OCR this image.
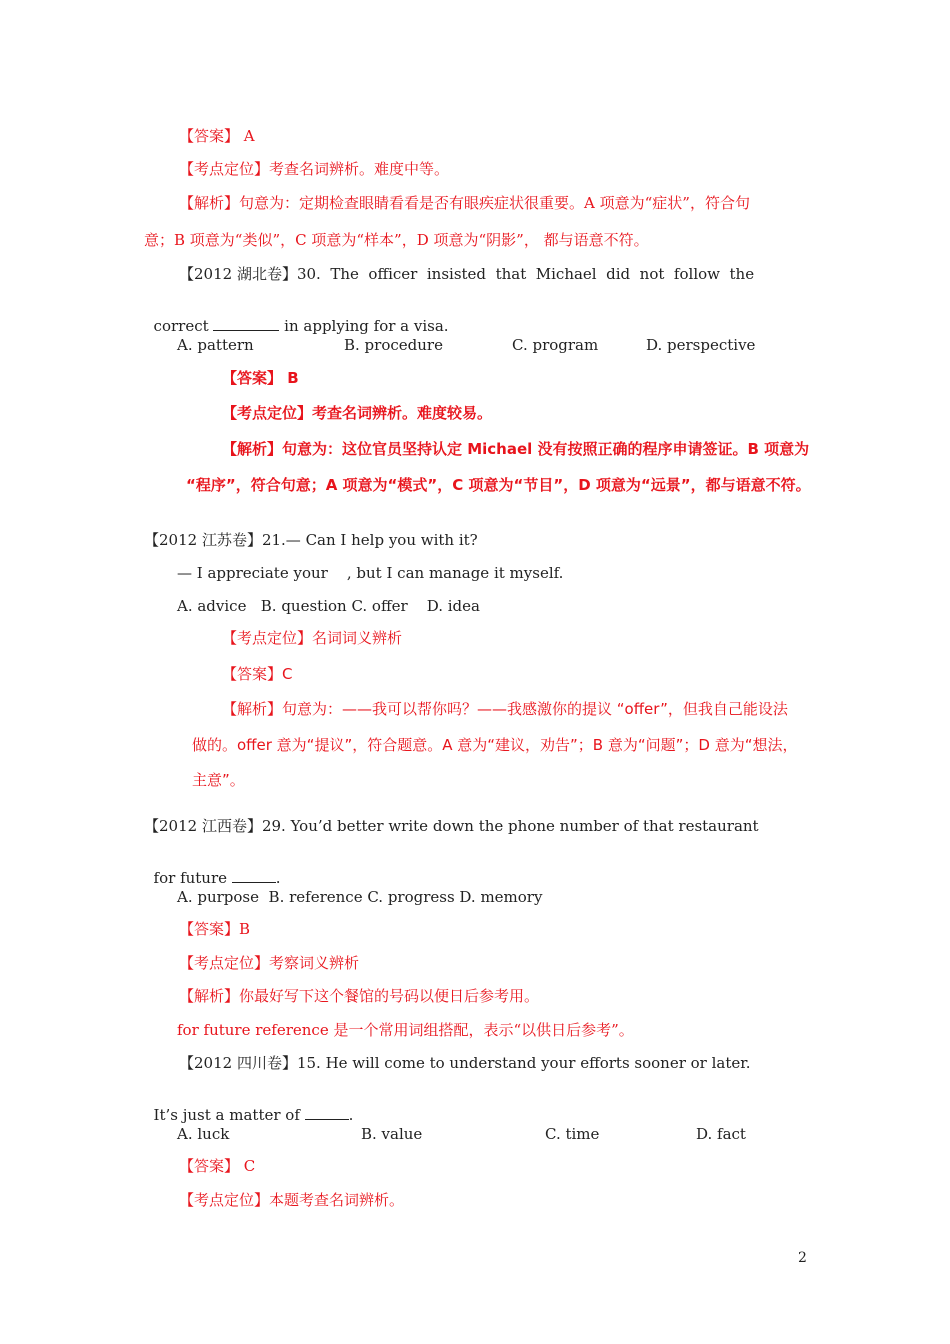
【答案】 A
【考点定位】考查名词辨析。难度中等。
【解析】句意为：定期检查眼睛看看是否有眼疾症状很重要。A 项意为“症状”，符合句
意；B 项意为“类似”，C 项意为“样本”，D 项意为“阴影”， 都与语意不符。
【2012 湖北卷】30.  The  officer  insisted  that  Michael  did  not  follow  the

correct	in applying for a visa.

A. pattern	B. procedure	C. program	D. perspective
【答案】 B
【考点定位】考查名词辨析。难度较易。
【解析】句意为：这位官员坚持认定 Michael 没有按照正确的程序申请签证。B 项意为
“程序”，符合句意；A 项意为“模式”，C 项意为“节目”，D 项意为“远景”，都与语意不符。
【2012 江苏卷】21.— Can I help you with it?
— I appreciate your    , but I can manage it myself.
A. advice   B. question C. offer    D. idea
【考点定位】名词词义辨析
【答案】C
【解析】句意为：——我可以帮你吗？——我感激你的提议 “offer”，但我自己能设法
做的。offer 意为“提议”，符合题意。A 意为“建议，劝告”；B 意为“问题”；D 意为“想法，
主意”。
【2012 江西卷】29. You’d better write down the phone number of that restaurant

for future	.

A. purpose  B. reference C. progress D. memory
【答案】B
【考点定位】考察词义辨析
【解析】你最好写下这个餐馆的号码以便日后参考用。
for future reference 是一个常用词组搭配，表示“以供日后参考”。
【2012 四川卷】15. He will come to understand your efforts sooner or later.

It’s just a matter of	.

A. luck	B. value	C. time	D. fact
【答案】 C
【考点定位】本题考查名词辨析。
2
